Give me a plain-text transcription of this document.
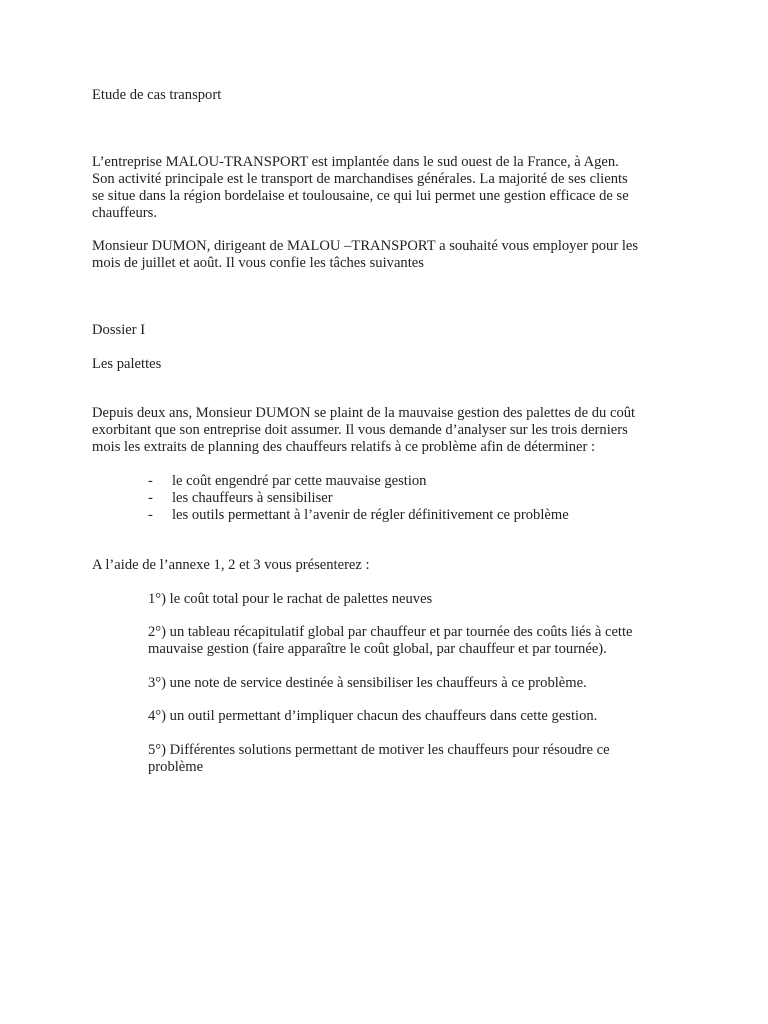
Etude de cas transport
L’entreprise MALOU-TRANSPORT est implantée dans le sud ouest de la France, à Agen.
Son activité principale est le transport de marchandises générales. La majorité de ses clients
se situe dans la région bordelaise et toulousaine, ce qui lui permet une gestion efficace de se
chauffeurs.
Monsieur DUMON, dirigeant de MALOU –TRANSPORT a souhaité vous employer pour les
mois de juillet et août. Il vous confie les tâches suivantes
Dossier I
Les palettes
Depuis deux ans, Monsieur DUMON se plaint de la mauvaise gestion des palettes de du coût
exorbitant que son entreprise doit assumer. Il vous demande d’analyser sur les trois derniers
mois les extraits de planning des chauffeurs relatifs à ce problème afin de déterminer :
- le coût engendré par cette mauvaise gestion
- les chauffeurs à sensibiliser
- les outils permettant à l’avenir de régler définitivement ce problème
A l’aide de l’annexe 1, 2 et 3 vous présenterez :
1°) le coût total pour le rachat de palettes neuves
2°) un tableau récapitulatif global par chauffeur et par tournée des coûts liés à cette
mauvaise gestion (faire apparaître le coût global, par chauffeur et par tournée).
3°) une note de service destinée à sensibiliser les chauffeurs à ce problème.
4°) un outil permettant d’impliquer chacun des chauffeurs dans cette gestion.
5°) Différentes solutions permettant de motiver les chauffeurs pour résoudre ce
problème
